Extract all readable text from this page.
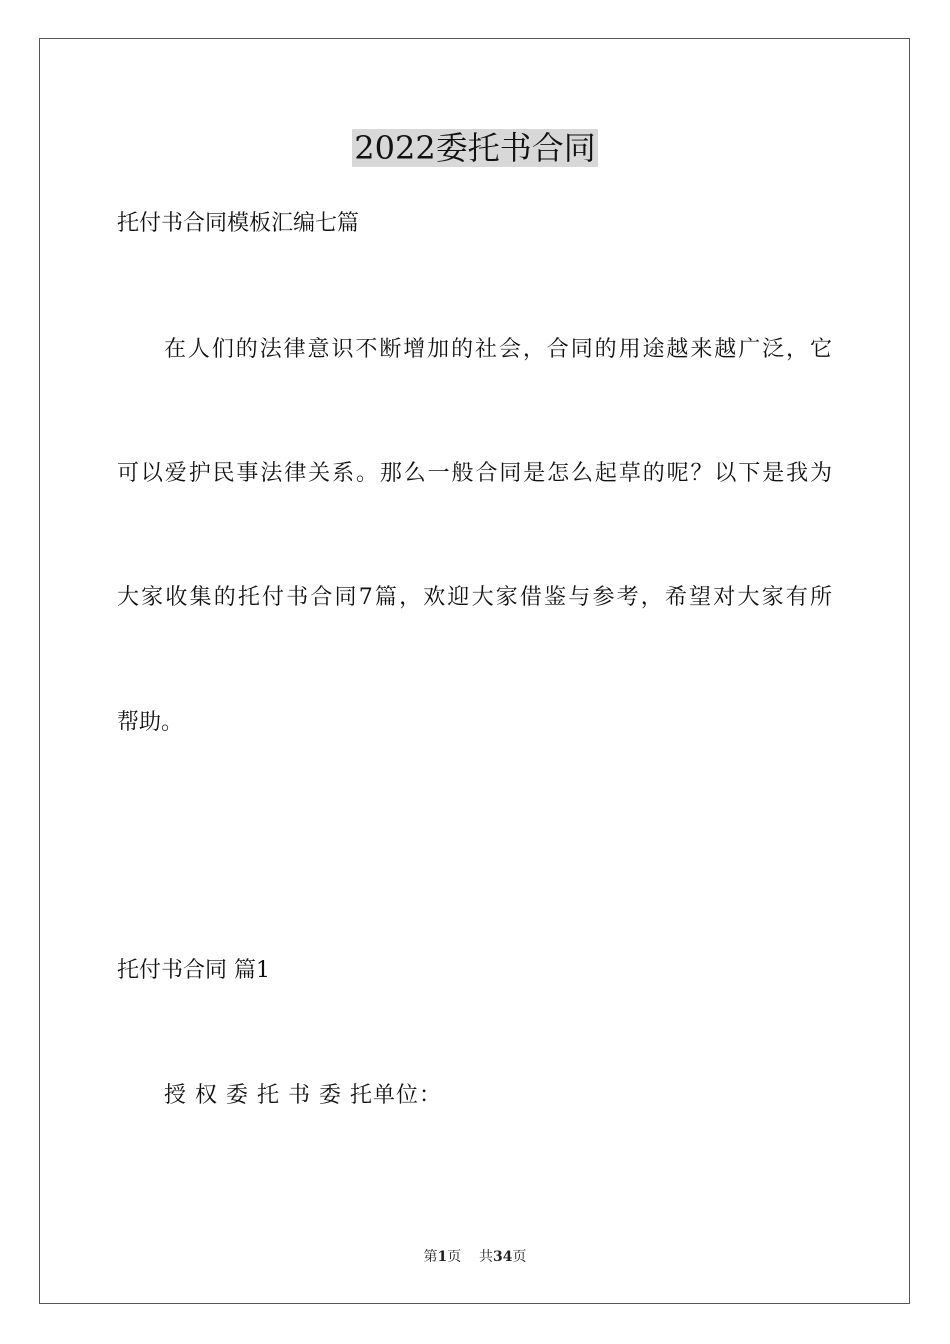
2022委托书合同

托付书合同模板汇编七篇

在人们的法律意识不断增加的社会，合同的用途越来越广泛，它

可以爱护民事法律关系。那么一般合同是怎么起草的呢？以下是我为

大家收集的托付书合同7篇，欢迎大家借鉴与参考，希望对大家有所

帮助。

托付书合同 篇1

授 权 委 托 书 委 托单位：

第1页 共34页
